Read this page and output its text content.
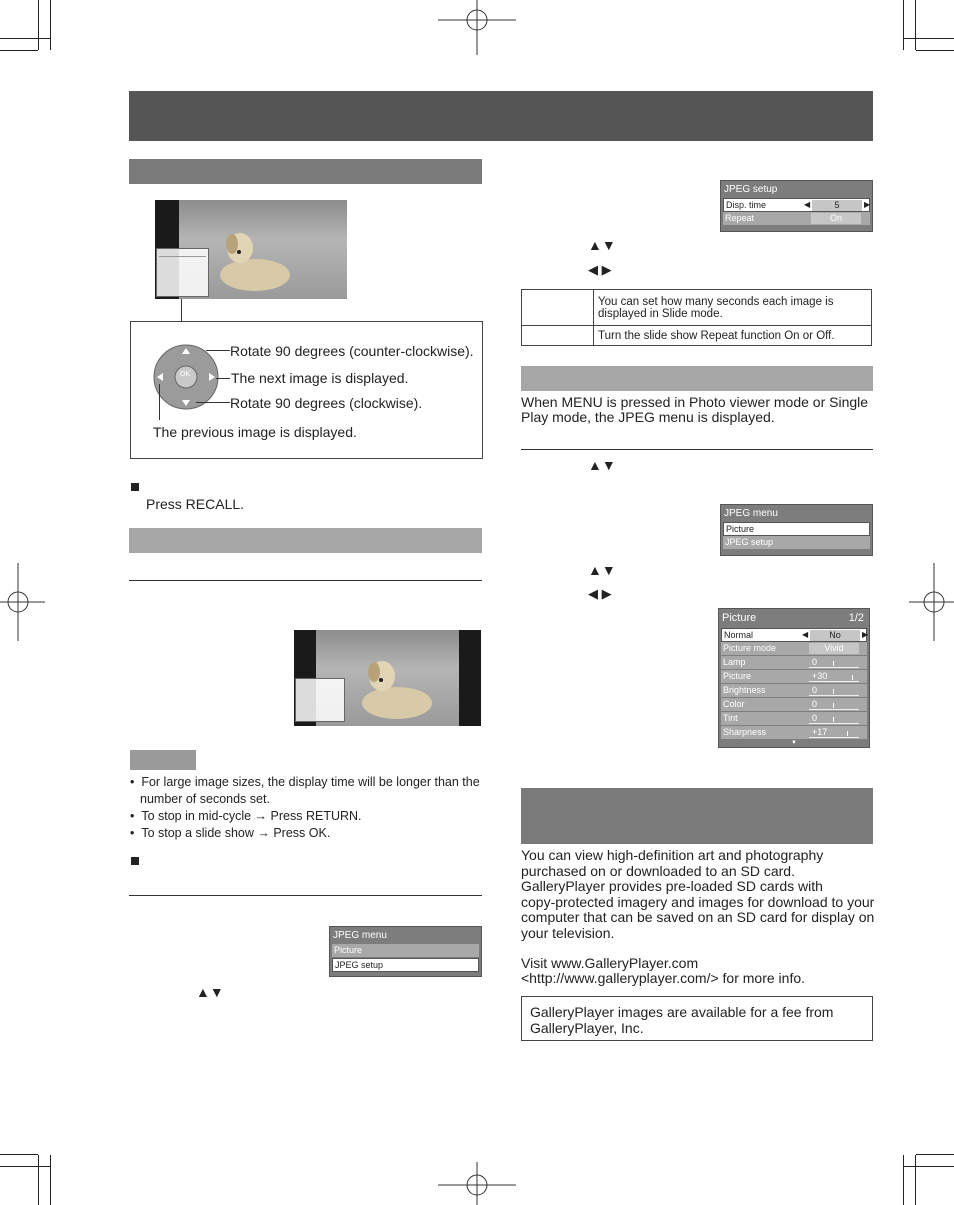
OK
Rotate 90 degrees (counter-clockwise).
The next image is displayed.
Rotate 90 degrees (clockwise).
The previous image is displayed.
Press RECALL.
•  For large image sizes, the display time will be longer than the
number of seconds set.
•  To stop in mid-cycle → Press RETURN.
•  To stop a slide show → Press OK.
JPEG menu
Picture
JPEG setup
▲▼
JPEG setup
Disp. time	◀	5	▶
Repeat	On
▲▼
◀ ▶

	You can set how many seconds each image is
displayed in Slide mode.

	Turn the slide show Repeat function On or Off.
When MENU is pressed in Photo viewer mode or Single
Play mode, the JPEG menu is displayed.
▲▼
JPEG menu
Picture
JPEG setup
▲▼
◀ ▶
Picture	1/2
Normal	◀	No	▶
Picture mode	Vivid
Lamp	0
Picture	+30
Brightness	0
Color	0
Tint	0
Sharpness	+17
▼
You can view high-definition art and photography
purchased on or downloaded to an SD card.
GalleryPlayer provides pre-loaded SD cards with
copy-protected imagery and images for download to your
computer that can be saved on an SD card for display on
your television.
Visit www.GalleryPlayer.com
<http://www.galleryplayer.com/> for more info.
GalleryPlayer images are available for a fee from
GalleryPlayer, Inc.
